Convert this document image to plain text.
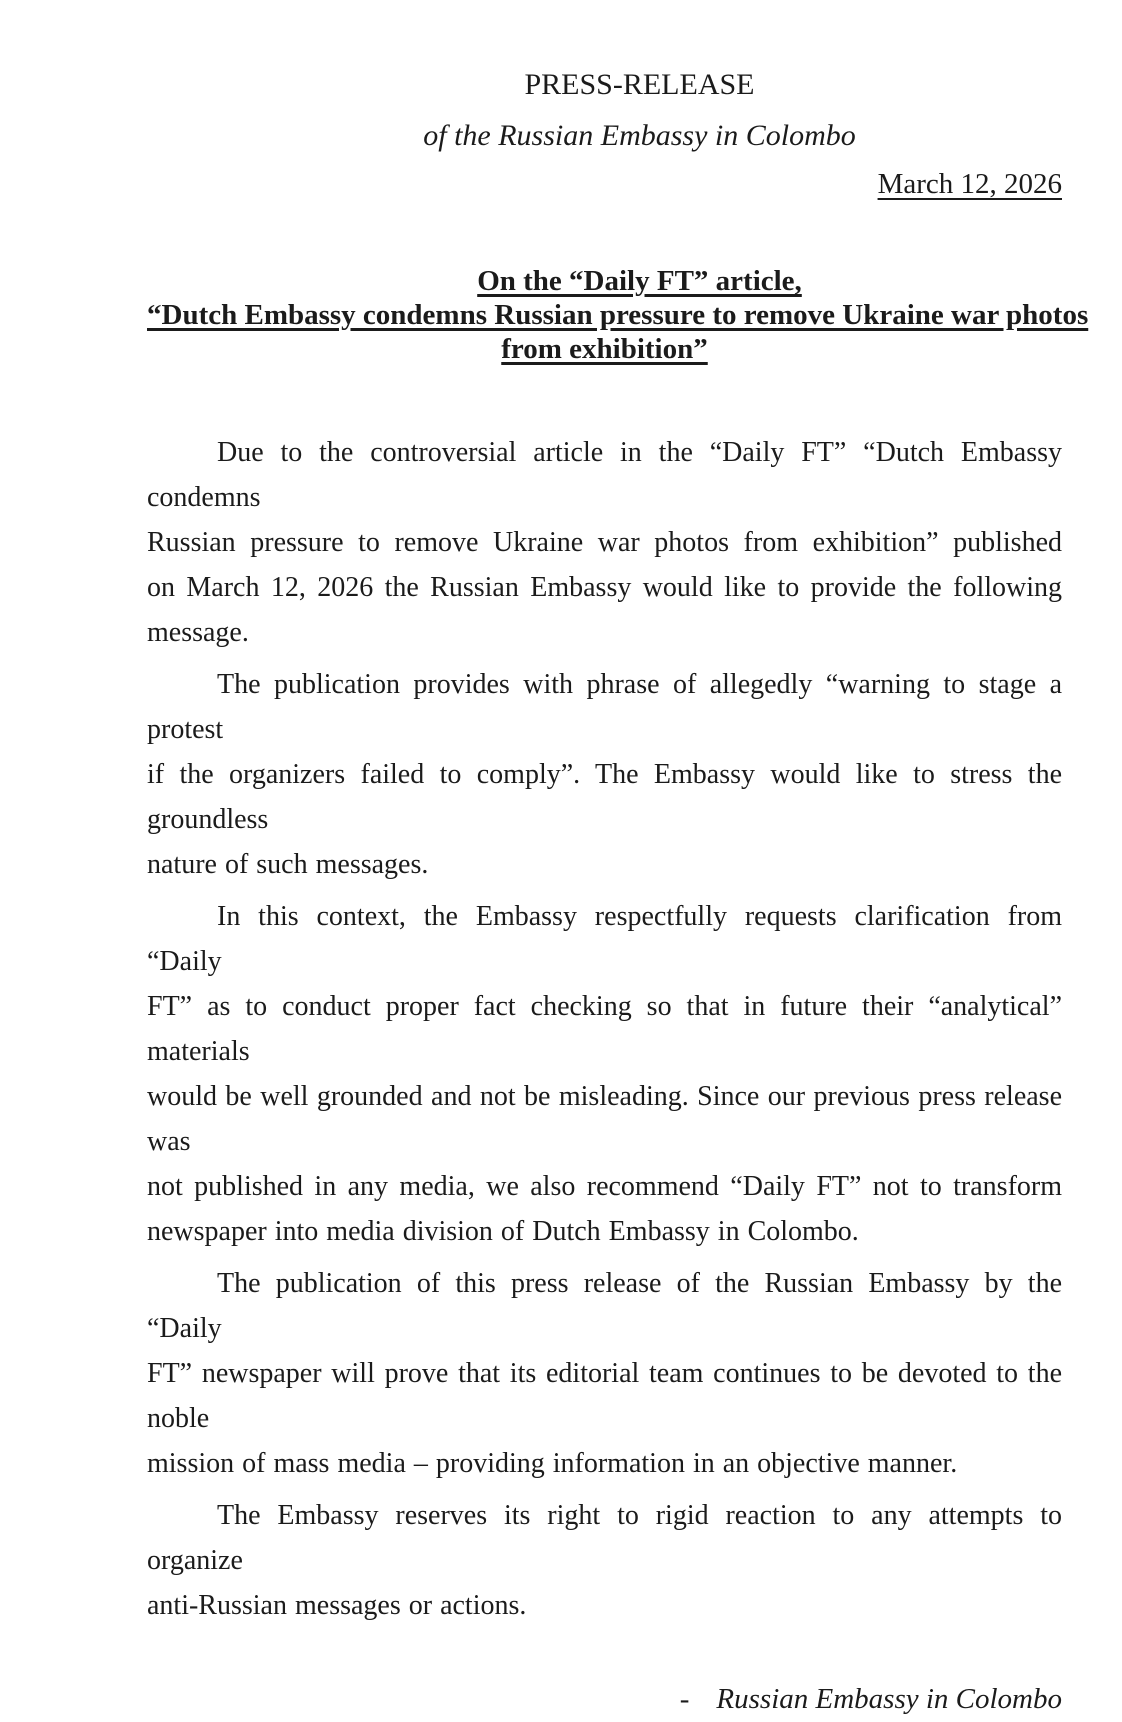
PRESS-RELEASE
of the Russian Embassy in Colombo
March 12, 2026
On the “Daily FT” article,
“Dutch Embassy condemns Russian pressure to remove Ukraine war photos
from exhibition”
Due to the controversial article in the “Daily FT” “Dutch Embassy condemns
Russian pressure to remove Ukraine war photos from exhibition” published
on March 12, 2026 the Russian Embassy would like to provide the following
message.
The publication provides with phrase of allegedly “warning to stage a protest
if the organizers failed to comply”. The Embassy would like to stress the groundless
nature of such messages.
In this context, the Embassy respectfully requests clarification from “Daily
FT” as to conduct proper fact checking so that in future their “analytical” materials
would be well grounded and not be misleading. Since our previous press release was
not published in any media, we also recommend “Daily FT” not to transform
newspaper into media division of Dutch Embassy in Colombo.
The publication of this press release of the Russian Embassy by the “Daily
FT” newspaper will prove that its editorial team continues to be devoted to the noble
mission of mass media – providing information in an objective manner.
The Embassy reserves its right to rigid reaction to any attempts to organize
anti-Russian messages or actions.
- Russian Embassy in Colombo
